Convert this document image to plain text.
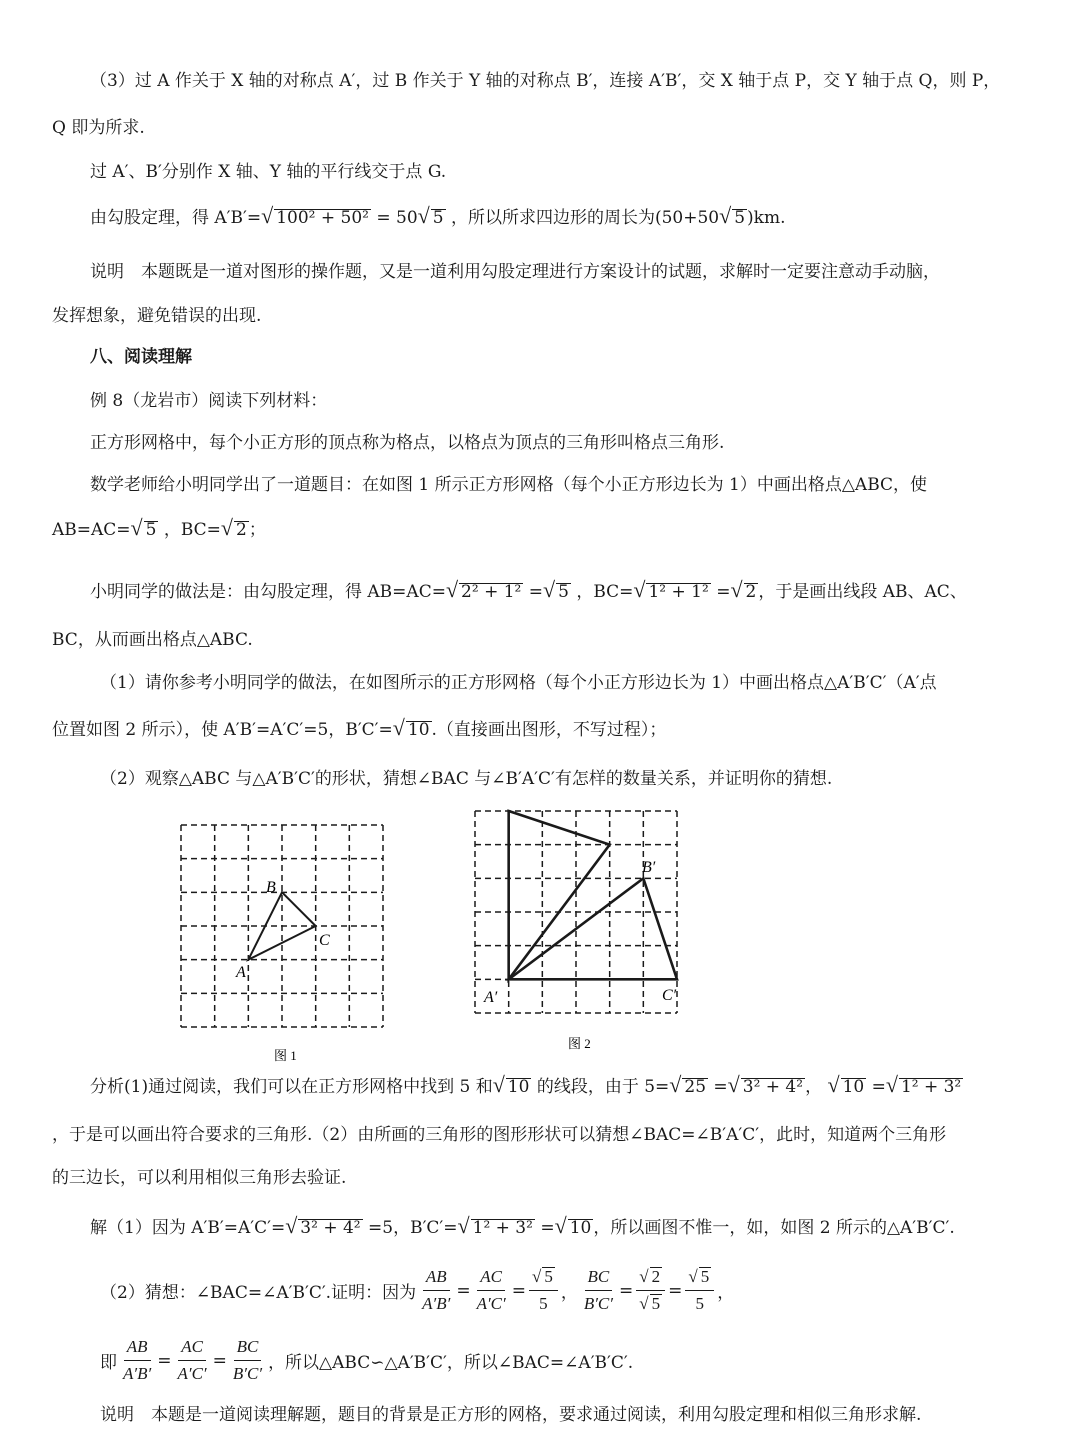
（3）过 A 作关于 X 轴的对称点 A′，过 B 作关于 Y 轴的对称点 B′，连接 A′B′，交 X 轴于点 P，交 Y 轴于点 Q，则 P，
Q 即为所求.
过 A′、B′分别作 X 轴、Y 轴的平行线交于点 G.
由勾股定理，得 A′B′=√ 100² + 50² = 50√ 5 ，所以所求四边形的周长为(50+50√ 5 )km.
说明　本题既是一道对图形的操作题，又是一道利用勾股定理进行方案设计的试题，求解时一定要注意动手动脑，
发挥想象，避免错误的出现.
八、阅读理解
例 8（龙岩市）阅读下列材料：
正方形网格中，每个小正方形的顶点称为格点，以格点为顶点的三角形叫格点三角形.
数学老师给小明同学出了一道题目：在如图 1 所示正方形网格（每个小正方形边长为 1）中画出格点△ABC，使
AB=AC=√ 5 ，BC=√ 2 ；
小明同学的做法是：由勾股定理，得 AB=AC=√ 2² + 1² =√ 5 ，BC=√ 1² + 1² =√ 2 ，于是画出线段 AB、AC、
BC，从而画出格点△ABC.
（1）请你参考小明同学的做法，在如图所示的正方形网格（每个小正方形边长为 1）中画出格点△A′B′C′（A′点
位置如图 2 所示），使 A′B′=A′C′=5，B′C′=√ 10 .（直接画出图形，不写过程）；
（2）观察△ABC 与△A′B′C′的形状，猜想∠BAC 与∠B′A′C′有怎样的数量关系，并证明你的猜想.
A
B
C
图 1
A′
B′
C′
图 2
分析(1)通过阅读，我们可以在正方形网格中找到 5 和√ 10 的线段，由于 5=√ 25 =√ 3² + 4² ， √ 10 =√ 1² + 3²
，于是可以画出符合要求的三角形.（2）由所画的三角形的图形形状可以猜想∠BAC=∠B′A′C′，此时，知道两个三角形
的三边长，可以利用相似三角形去验证.
解（1）因为 A′B′=A′C′=√ 3² + 4² =5，B′C′=√ 1² + 3² =√ 10 ，所以画图不惟一，如，如图 2 所示的△A′B′C′.
（2）猜想：∠BAC=∠A′B′C′.证明：因为 $\frac{AB}{A'B'} = \frac{AC}{A'C'} = \frac{√ 5}{5}$ ， $\frac{BC}{B'C'} = \frac{√ 2}{√ 5} = \frac{√ 5}{5}$ ，
即 $\frac{AB}{A'B'} = \frac{AC}{A'C'} = \frac{BC}{B'C'}$ ，所以△ABC∽△A′B′C′，所以∠BAC=∠A′B′C′.
说明　本题是一道阅读理解题，题目的背景是正方形的网格，要求通过阅读，利用勾股定理和相似三角形求解.
